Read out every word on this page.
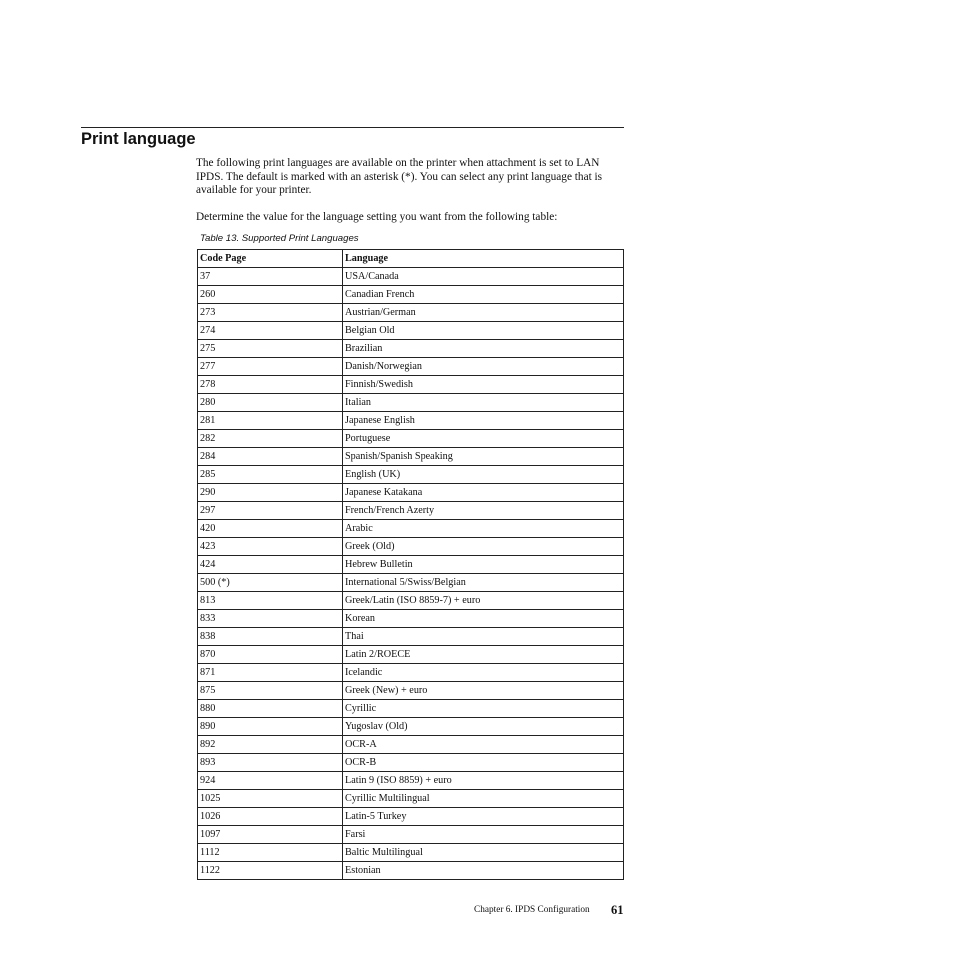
Print language

The following print languages are available on the printer when attachment is set to LAN IPDS. The default is marked with an asterisk (*). You can select any print language that is available for your printer.

Determine the value for the language setting you want from the following table:

Table 13. Supported Print Languages
Code Page	Language
37	USA/Canada
260	Canadian French
273	Austrian/German
274	Belgian Old
275	Brazilian
277	Danish/Norwegian
278	Finnish/Swedish
280	Italian
281	Japanese English
282	Portuguese
284	Spanish/Spanish Speaking
285	English (UK)
290	Japanese Katakana
297	French/French Azerty
420	Arabic
423	Greek (Old)
424	Hebrew Bulletin
500 (*)	International 5/Swiss/Belgian
813	Greek/Latin (ISO 8859-7) + euro
833	Korean
838	Thai
870	Latin 2/ROECE
871	Icelandic
875	Greek (New) + euro
880	Cyrillic
890	Yugoslav (Old)
892	OCR-A
893	OCR-B
924	Latin 9 (ISO 8859) + euro
1025	Cyrillic Multilingual
1026	Latin-5 Turkey
1097	Farsi
1112	Baltic Multilingual
1122	Estonian
Chapter 6. IPDS Configuration 61
